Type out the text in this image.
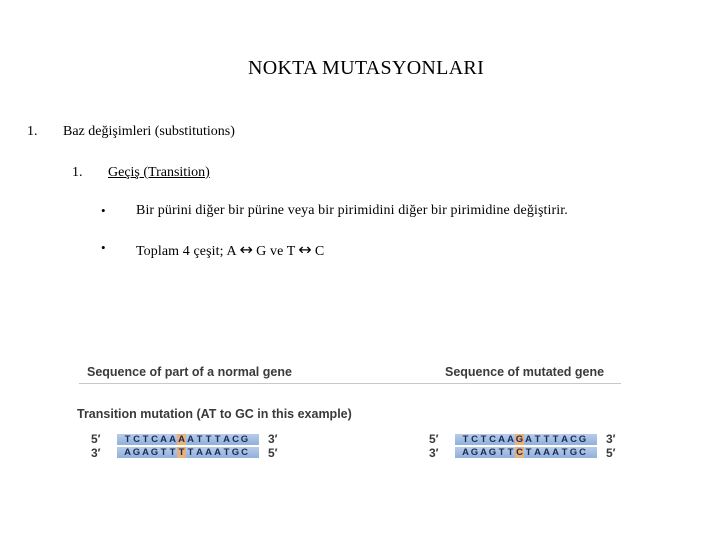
NOKTA MUTASYONLARI
1. Baz değişimleri (substitutions)
1. Geçiş (Transition)
• Bir pürini diğer bir pürine veya bir pirimidini diğer bir pirimidine değiştirir.
• Toplam 4 çeşit; A ↔ G ve T ↔ C
Sequence of part of a normal gene	Sequence of mutated gene
Transition mutation (AT to GC in this example)
5′	T C T C A A A A T T T A C G 3′
3′ A G A G T T T T A A A T G C 5′
5′	T C T C A A G A T T T A C G 3′
3′ A G A G T T C T A A A T G C 5′
